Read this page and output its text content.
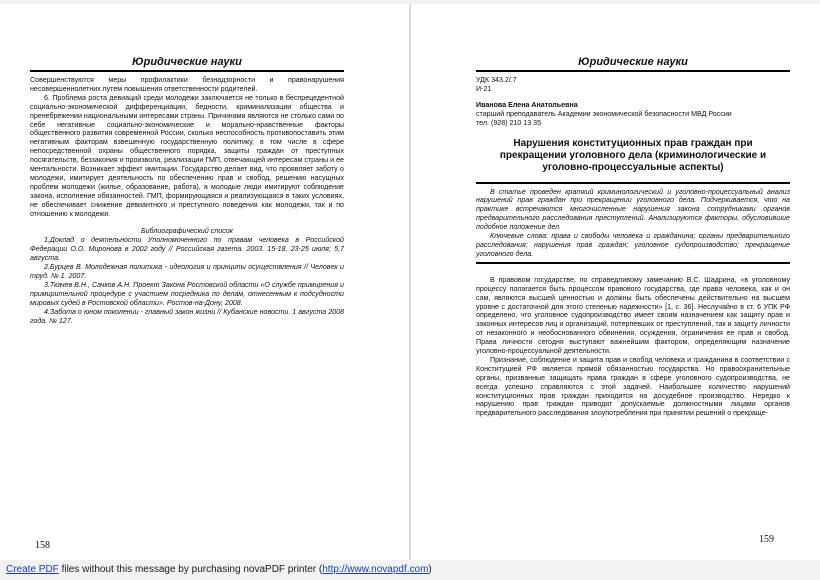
Юридические науки

Совершенствуются меры профилактики безнадзорности и правонарушения несовершеннолетних путем повышения ответственности родителей.

6. Проблема роста девиаций среди молодежи заключается не только в беспрецедентной социально-экономической дифференциации, бедности, криминализации общества и пренебрежении национальными интересами страны. Причинами являются не столько сами по себе негативные социально-экономические и морально-нравственные факторы общественного развития современной России, сколько неспособность противопоставить этим негативным факторам взвешенную государственную политику, в том числе в сфере непосредственной охраны общественного порядка, защиты граждан от преступных посягательств, беззакония и произвола, реализации ГМП, отвечающей интересам страны и ее ментальности. Возникает эффект имитации. Государство делает вид, что проявляет заботу о молодежи, имитирует деятельность по обеспечению прав и свобод, решению насущных проблем молодежи (жилье, образование, работа), а молодые люди имитируют соблюдение закона, исполнение обязанностей. ГМП, формирующаяся и реализующаяся в таких условиях, не обеспечивает снижение девиантного и преступного поведения как молодежи, так и по отношению к молодежи.

Библиографический список

1.Доклад о деятельности Уполномоченного по правам человека в Российской Федерации О.О. Миронова в 2002 году // Российская газета. 2003. 15-18, 23-25 июля; 5,7 августа.

2.Бурцев В. Молодежная политика - идеология и принципы осуществления // Человек и труд. № 1. 2007.

3.Ткачев В.Н., Сачков А.Н. Проект Закона Ростовской области «О службе примирения и примирительной процедуре с участием посредника по делам, отнесенным к подсудности мировых судей в Ростовской области». Ростов-на-Дону, 2008.

4.Забота о юном поколении - главный закон жизни // Кубанские новости. 1 августа 2008 года. № 127.

158
Юридические науки

УДК 343.2/.7

И-21

Иванова Елена Анатольевна

старший преподаватель Академии экономической безопасности МВД России

тел. (928) 210 13 35

Нарушения конституционных прав граждан при прекращении уголовного дела (криминологические и уголовно-процессуальные аспекты)

В статье проведен краткий криминологический и уголовно-процессуальный анализ нарушений прав граждан при прекращении уголовного дела. Подчеркивается, что на практике встречаются многочисленные нарушения закона сотрудниками органов предварительного расследования преступлений. Анализируются факторы, обусловившие подобное положение дел.

Ключевые слова: права и свободы человека и гражданина; органы предварительного расследования; нарушения прав граждан; уголовное судопроизводство; прекращение уголовного дела.

В правовом государстве, по справедливому замечанию В.С. Шадрина, «в уголовному процессу полагается быть процессом правового государства, где права человека, как и он сам, являются высшей ценностью и должны быть обеспечены действительно на высшем уровне с достаточной для этого степенью надежности» [1, с. 36]. Неслучайно в ст. 6 УПК РФ определено, что уголовное судопроизводство имеет своим назначением как защиту прав и законных интересов лиц и организаций, потерпевших от преступлений, так и защиту личности от незаконного и необоснованного обвинения, осуждения, ограничения ее прав и свобод. Права личности сегодня выступают важнейшим фактором, определяющим назначение уголовно-процессуальной деятельности.

Признание, соблюдение и защита прав и свобод человека и гражданина в соответствии с Конституцией РФ является прямой обязанностью государства. Но правоохранительные органы, призванные защищать права граждан в сфере уголовного судопроизводства, не всегда успешно справляются с этой задачей. Наибольшее количество нарушений конституционных прав граждан приходится на досудебное производство. Нередко к нарушению прав граждан приводят допускаемые должностными лицами органов предварительного расследования злоупотребления при принятии решений о прекраще-

159
Create PDF files without this message by purchasing novaPDF printer (http://www.novapdf.com)
